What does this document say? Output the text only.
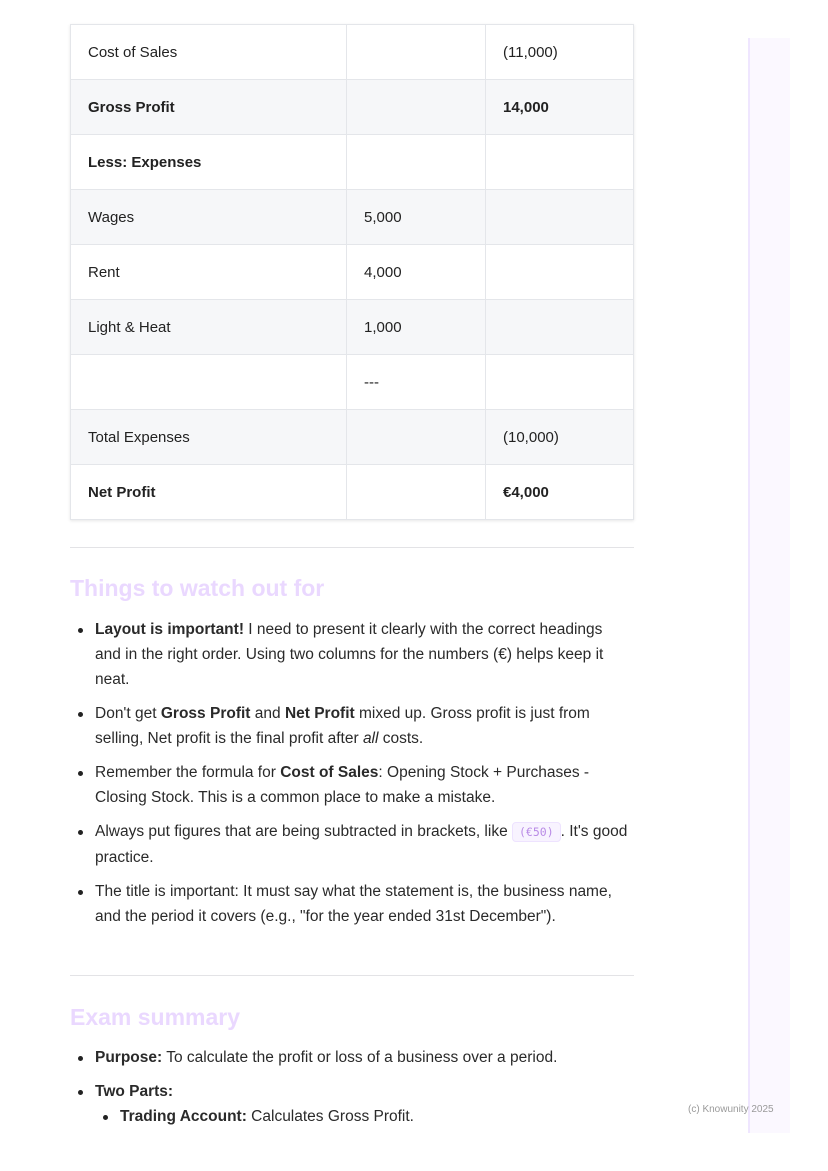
Cost of Sales		(11,000)
Gross Profit		14,000
Less: Expenses		
Wages	5,000	
Rent	4,000	
Light & Heat	1,000	
	---	
Total Expenses		(10,000)
Net Profit		€4,000
Things to watch out for
Layout is important! I need to present it clearly with the correct headings and in the right order. Using two columns for the numbers (€) helps keep it neat.
Don't get Gross Profit and Net Profit mixed up. Gross profit is just from selling, Net profit is the final profit after all costs.
Remember the formula for Cost of Sales: Opening Stock + Purchases - Closing Stock. This is a common place to make a mistake.
Always put figures that are being subtracted in brackets, like (€50) . It's good practice.
The title is important: It must say what the statement is, the business name, and the period it covers (e.g., "for the year ended 31st December").
Exam summary
Purpose: To calculate the profit or loss of a business over a period.
Two Parts:
Trading Account: Calculates Gross Profit.	(c) Knowunity 2025
